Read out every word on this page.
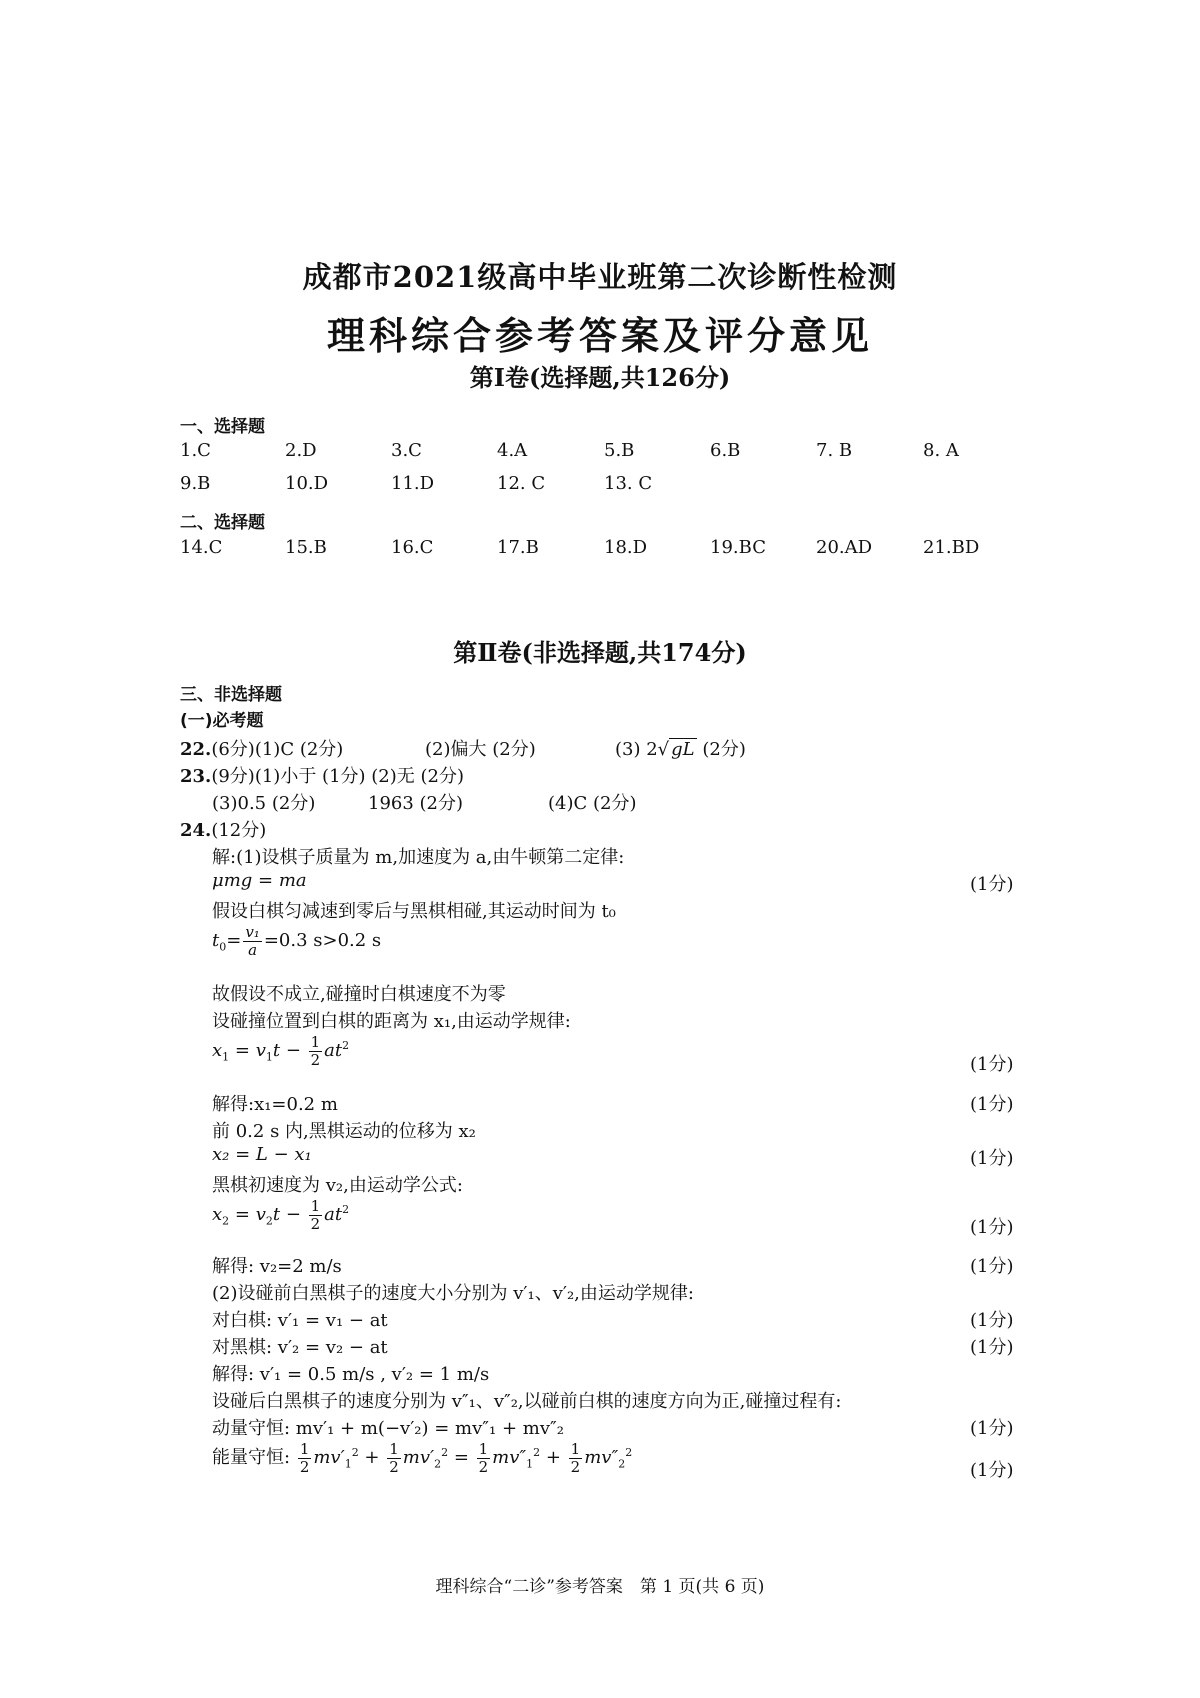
成都市2021级高中毕业班第二次诊断性检测
理科综合参考答案及评分意见
第Ⅰ卷(选择题,共126分)
一、选择题
1.C	2.D	3.C	4.A	5.B	6.B	7. B	8. A
9.B	10.D	11.D	12. C	13. C
二、选择题
14.C	15.B	16.C	17.B	18.D	19.BC	20.AD	21.BD
第Ⅱ卷(非选择题,共174分)
三、非选择题
(一)必考题
22.(6分)(1)C (2分)	(2)偏大 (2分)	(3) 2√ gL (2分)
23.(9分)(1)小于 (1分) (2)无 (2分)
(3)0.5 (2分)	1963 (2分)	(4)C (2分)
24.(12分)
解:(1)设棋子质量为 m,加速度为 a,由牛顿第二定律:
μmg = ma	(1分)
假设白棋匀减速到零后与黑棋相碰,其运动时间为 t₀
$t_0= \frac{\text{v₁}}{a} =0.3$ s>0.2 s
故假设不成立,碰撞时白棋速度不为零
设碰撞位置到白棋的距离为 x₁,由运动学规律:
$x_1 = v_1t - \frac{1}{2} at^2$
(1分)
解得:x₁=0.2 m	(1分)
前 0.2 s 内,黑棋运动的位移为 x₂
x₂ = L − x₁	(1分)
黑棋初速度为 v₂,由运动学公式:
$x_2 = v_2t - \frac{1}{2} at^2$
(1分)
解得: v₂=2 m/s	(1分)
(2)设碰前白黑棋子的速度大小分别为 v′₁、v′₂,由运动学规律:
对白棋: v′₁ = v₁ − at	(1分)
对黑棋: v′₂ = v₂ − at	(1分)
解得: v′₁ = 0.5 m/s , v′₂ = 1 m/s
设碰后白黑棋子的速度分别为 v″₁、v″₂,以碰前白棋的速度方向为正,碰撞过程有:
动量守恒: mv′₁ + m(−v′₂) = mv″₁ + mv″₂	(1分)
能量守恒: $\frac{1}{2} mv'_1^2 + \frac{1}{2} mv'_2^2 = \frac{1}{2} mv''_1^2 + \frac{1}{2} mv''_2^2$
(1分)
理科综合“二诊”参考答案　第 1 页(共 6 页)
